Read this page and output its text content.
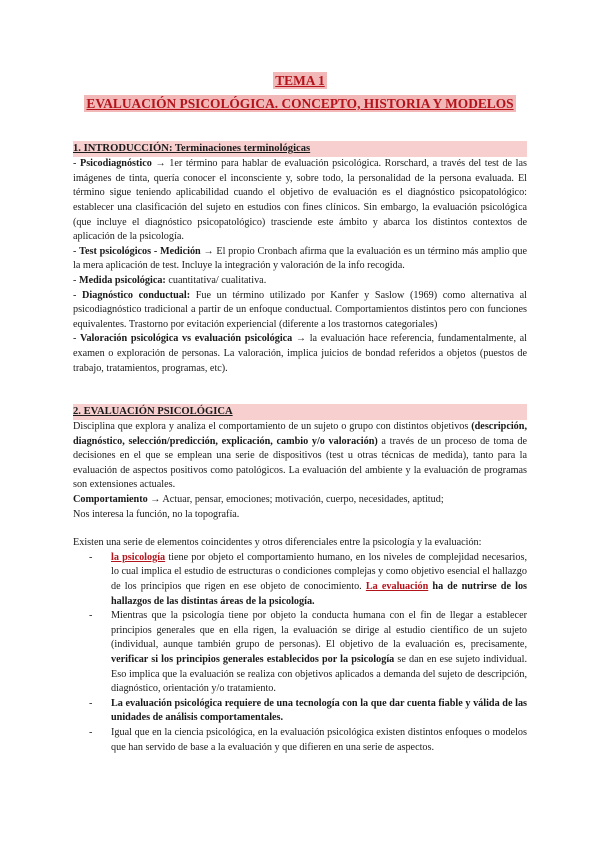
TEMA 1
EVALUACIÓN PSICOLÓGICA. CONCEPTO, HISTORIA Y MODELOS
1. INTRODUCCIÓN: Terminaciones terminológicas

- Psicodiagnóstico → 1er término para hablar de evaluación psicológica. Rorschard, a través del test de las imágenes de tinta, quería conocer el inconsciente y, sobre todo, la personalidad de la persona evaluada. El término sigue teniendo aplicabilidad cuando el objetivo de evaluación es el diagnóstico psicopatológico: establecer una clasificación del sujeto en estudios con fines clínicos. Sin embargo, la evaluación psicológica (que incluye el diagnóstico psicopatológico) trasciende este ámbito y abarca los distintos contextos de aplicación de la psicología.

- Test psicológicos - Medición → El propio Cronbach afirma que la evaluación es un término más amplio que la mera aplicación de test. Incluye la integración y valoración de la info recogida.

- Medida psicológica: cuantitativa/ cualitativa.

- Diagnóstico conductual: Fue un término utilizado por Kanfer y Saslow (1969) como alternativa al psicodiagnóstico tradicional a partir de un enfoque conductual. Comportamientos distintos pero con funciones equivalentes. Trastorno por evitación experiencial (diferente a los trastornos categoriales)

- Valoración psicológica vs evaluación psicológica → la evaluación hace referencia, fundamentalmente, al examen o exploración de personas. La valoración, implica juicios de bondad referidos a objetos (puestos de trabajo, tratamientos, programas, etc).

2. EVALUACIÓN PSICOLÓGICA

Disciplina que explora y analiza el comportamiento de un sujeto o grupo con distintos objetivos (descripción, diagnóstico, selección/predicción, explicación, cambio y/o valoración) a través de un proceso de toma de decisiones en el que se emplean una serie de dispositivos (test u otras técnicas de medida), tanto para la evaluación de aspectos positivos como patológicos. La evaluación del ambiente y la evaluación de programas son extensiones actuales.

Comportamiento → Actuar, pensar, emociones; motivación, cuerpo, necesidades, aptitud;

Nos interesa la función, no la topografía.

Existen una serie de elementos coincidentes y otros diferenciales entre la psicología y la evaluación:

- la psicología tiene por objeto el comportamiento humano, en los niveles de complejidad necesarios, lo cual implica el estudio de estructuras o condiciones complejas y como objetivo esencial el hallazgo de los principios que rigen en ese objeto de conocimiento. La evaluación ha de nutrirse de los hallazgos de las distintas áreas de la psicología.
- Mientras que la psicología tiene por objeto la conducta humana con el fin de llegar a establecer principios generales que en ella rigen, la evaluación se dirige al estudio científico de un sujeto (individual, aunque también grupo de personas). El objetivo de la evaluación es, precisamente, verificar si los principios generales establecidos por la psicología se dan en ese sujeto individual. Eso implica que la evaluación se realiza con objetivos aplicados a demanda del sujeto de descripción, diagnóstico, orientación y/o tratamiento.
- La evaluación psicológica requiere de una tecnología con la que dar cuenta fiable y válida de las unidades de análisis comportamentales.
- Igual que en la ciencia psicológica, en la evaluación psicológica existen distintos enfoques o modelos que han servido de base a la evaluación y que difieren en una serie de aspectos.
